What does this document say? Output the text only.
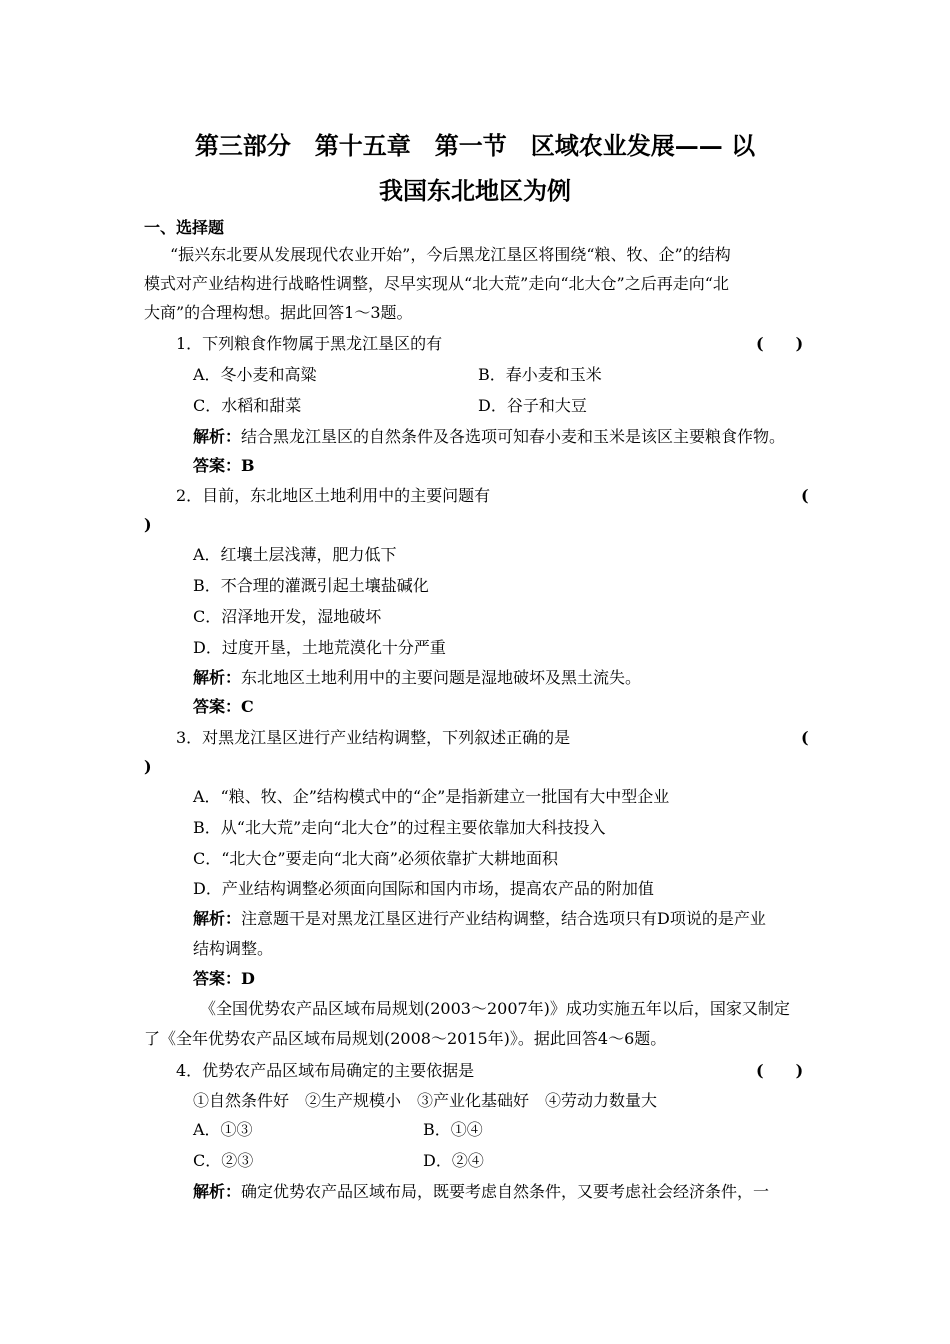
第三部分　第十五章　第一节　区域农业发展—— 以
我国东北地区为例
一、选择题
“振兴东北要从发展现代农业开始”，今后黑龙江垦区将围绕“粮、牧、企”的结构
模式对产业结构进行战略性调整，尽早实现从“北大荒”走向“北大仓”之后再走向“北
大商”的合理构想。据此回答1～3题。
1．下列粮食作物属于黑龙江垦区的有	(　　)
A．冬小麦和高粱	B．春小麦和玉米
C．水稻和甜菜	D．谷子和大豆
解析：结合黑龙江垦区的自然条件及各选项可知春小麦和玉米是该区主要粮食作物。
答案：B
2．目前，东北地区土地利用中的主要问题有	(
)
A．红壤土层浅薄，肥力低下
B．不合理的灌溉引起土壤盐碱化
C．沼泽地开发，湿地破坏
D．过度开垦，土地荒漠化十分严重
解析：东北地区土地利用中的主要问题是湿地破坏及黑土流失。
答案：C
3．对黑龙江垦区进行产业结构调整，下列叙述正确的是	(
)
A．“粮、牧、企”结构模式中的“企”是指新建立一批国有大中型企业
B．从“北大荒”走向“北大仓”的过程主要依靠加大科技投入
C．“北大仓”要走向“北大商”必须依靠扩大耕地面积
D．产业结构调整必须面向国际和国内市场，提高农产品的附加值
解析：注意题干是对黑龙江垦区进行产业结构调整，结合选项只有D项说的是产业
结构调整。
答案：D
《全国优势农产品区域布局规划(2003～2007年)》成功实施五年以后，国家又制定
了《全年优势农产品区域布局规划(2008～2015年)》。据此回答4～6题。
4．优势农产品区域布局确定的主要依据是	(　　)
①自然条件好　②生产规模小　③产业化基础好　④劳动力数量大
A．①③	B．①④
C．②③	D．②④
解析：确定优势农产品区域布局，既要考虑自然条件，又要考虑社会经济条件，一
